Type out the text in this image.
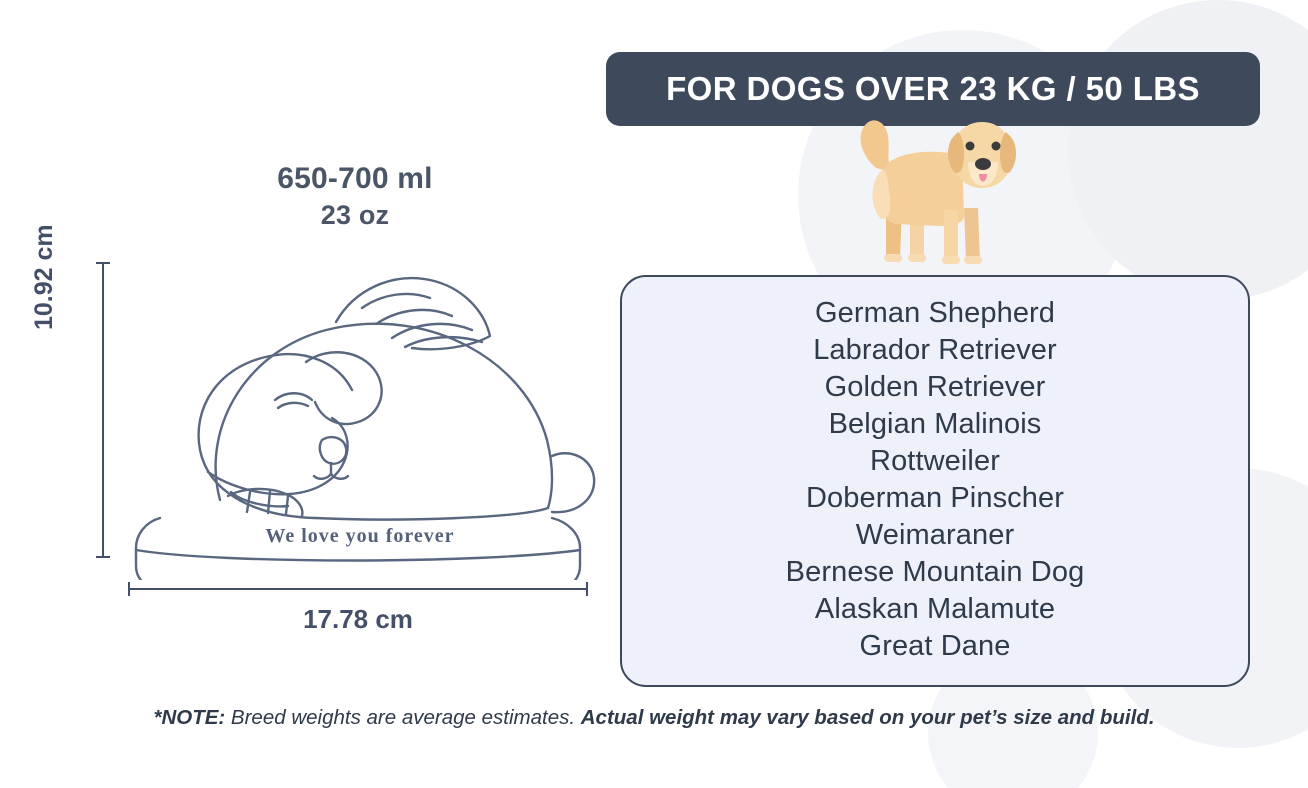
650-700 ml
23 oz
10.92 cm
We love you forever
17.78 cm
FOR DOGS OVER 23 KG / 50 LBS
German Shepherd
Labrador Retriever
Golden Retriever
Belgian Malinois
Rottweiler
Doberman Pinscher
Weimaraner
Bernese Mountain Dog
Alaskan Malamute
Great Dane
*NOTE: Breed weights are average estimates. Actual weight may vary based on your pet’s size and build.
